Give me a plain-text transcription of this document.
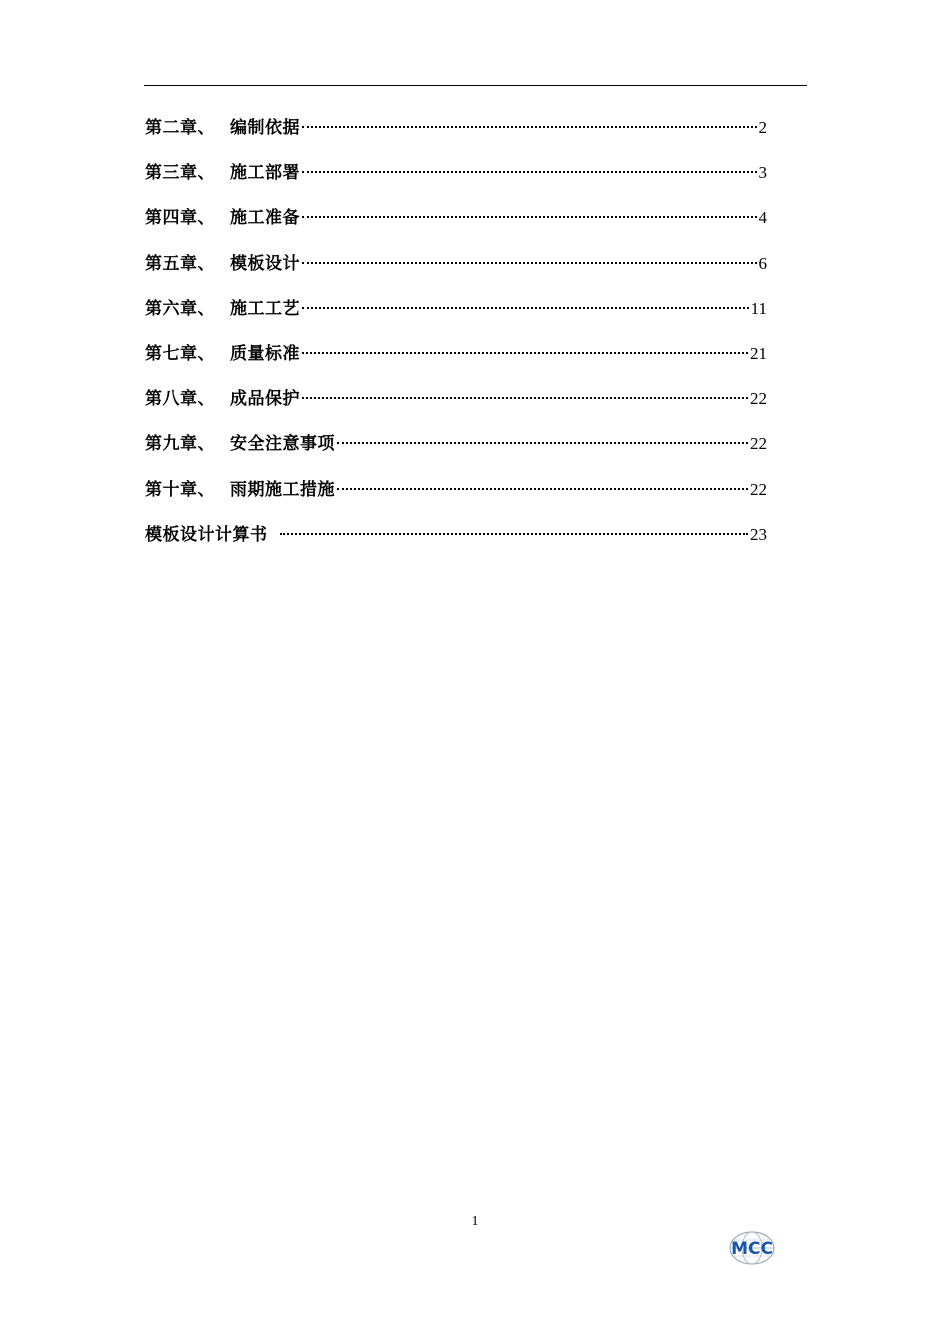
第二章、 编制依据	2
第三章、 施工部署	3
第四章、 施工准备	4
第五章、 模板设计	6
第六章、 施工工艺	11
第七章、 质量标准	21
第八章、 成品保护	22
第九章、 安全注意事项	22
第十章、 雨期施工措施	22
模板设计计算书	23
1
MCC
